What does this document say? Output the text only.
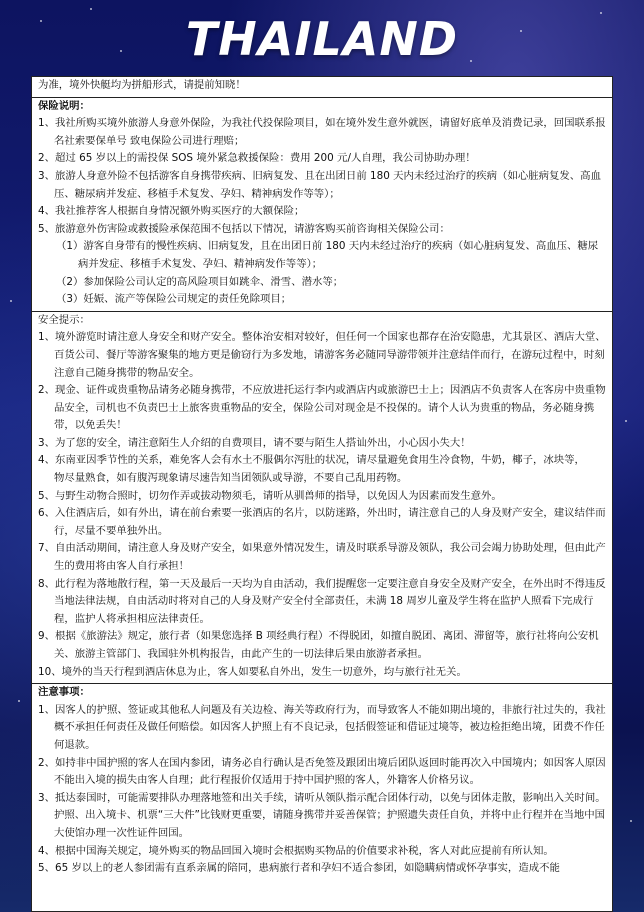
THAILAND
为准，境外快艇均为拼船形式，请提前知晓！
保险说明：
1、我社所购买境外旅游人身意外保险，为我社代投保险项目，如在境外发生意外就医，请留好底单及消费记录，回国联系报名社索要保单号 致电保险公司进行理赔；
2、超过 65 岁以上的需投保 SOS 境外紧急救援保险：费用 200 元/人自理，我公司协助办理！
3、旅游人身意外险不包括游客自身携带疾病、旧病复发、且在出团日前 180 天内未经过治疗的疾病（如心脏病复发、高血压、糖尿病并发症、移植手术复发、孕妇、精神病发作等等）；
4、我社推荐客人根据自身情况额外购买医疗的大额保险；
5、旅游意外伤害险或救援险承保范围不包括以下情况，请游客购买前咨询相关保险公司：
（1）游客自身带有的慢性疾病、旧病复发，且在出团日前 180 天内未经过治疗的疾病（如心脏病复发、高血压、糖尿病并发症、移植手术复发、孕妇、精神病发作等等）；
（2）参加保险公司认定的高风险项目如跳伞、滑雪、潜水等；
（3）妊娠、流产等保险公司规定的责任免除项目；
安全提示：
1、境外游览时请注意人身安全和财产安全。整体治安相对较好，但任何一个国家也都存在治安隐患，尤其景区、酒店大堂、百货公司、餐厅等游客聚集的地方更是偷窃行为多发地，请游客务必随同导游带领并注意结伴而行，在游玩过程中，时刻注意自己随身携带的物品安全。
2、现金、证件或贵重物品请务必随身携带，不应放进托运行李内或酒店内或旅游巴士上；因酒店不负责客人在客房中贵重物品安全，司机也不负责巴士上旅客贵重物品的安全，保险公司对现金是不投保的。请个人认为贵重的物品，务必随身携带，以免丢失！
3、为了您的安全，请注意陌生人介绍的自费项目，请不要与陌生人搭讪外出，小心因小失大！
4、东南亚因季节性的关系，难免客人会有水土不服偶尔泻肚的状况，请尽量避免食用生冷食物，牛奶，椰子，冰块等，
物尽量熟食，如有腹泻现象请尽速告知当团领队或导游，不要自己乱用药物。
5、与野生动物合照时，切勿作弄或拔动物须毛，请听从驯兽师的指导，以免因人为因素而发生意外。
6、入住酒店后，如有外出，请在前台索要一张酒店的名片，以防迷路，外出时，请注意自己的人身及财产安全，建议结伴而行，尽量不要单独外出。
7、自由活动期间，请注意人身及财产安全，如果意外情况发生，请及时联系导游及领队，我公司会竭力协助处理，但由此产生的费用将由客人自行承担！
8、此行程为落地散行程，第一天及最后一天均为自由活动，我们提醒您一定要注意自身安全及财产安全，在外出时不得违反当地法律法规，自由活动时将对自己的人身及财产安全付全部责任，未满 18 周岁儿童及学生将在监护人照看下完成行程，监护人将承担相应法律责任。
9、根据《旅游法》规定，旅行者（如果您选择 B 项经典行程）不得脱团，如擅自脱团、离团、滞留等，旅行社将向公安机关、旅游主管部门、我国驻外机构报告，由此产生的一切法律后果由旅游者承担。
10、境外的当天行程到酒店休息为止，客人如要私自外出，发生一切意外，均与旅行社无关。
注意事项：
1、因客人的护照、签证或其他私人问题及有关边检、海关等政府行为，而导致客人不能如期出境的，非旅行社过失的，我社概不承担任何责任及做任何赔偿。如因客人护照上有不良记录，包括假签证和借证过境等，被边检拒绝出境，团费不作任何退款。
2、如持非中国护照的客人在国内参团，请务必自行确认是否免签及跟团出境后团队返回时能再次入中国境内；如因客人原因不能出入境的损失由客人自理；此行程报价仅适用于持中国护照的客人，外籍客人价格另议。
3、抵达泰国时，可能需要排队办理落地签和出关手续，请听从领队指示配合团体行动，以免与团体走散，影响出入关时间。护照、出入境卡、机票“三大件”比钱财更重要，请随身携带并妥善保管；护照遗失责任自负，并将中止行程并在当地中国大使馆办理一次性证件回国。
4、根据中国海关规定，境外购买的物品回国入境时会根据购买物品的价值要求补税，客人对此应提前有所认知。
5、65 岁以上的老人参团需有直系亲属的陪同，患病旅行者和孕妇不适合参团，如隐瞒病情或怀孕事实，造成不能
